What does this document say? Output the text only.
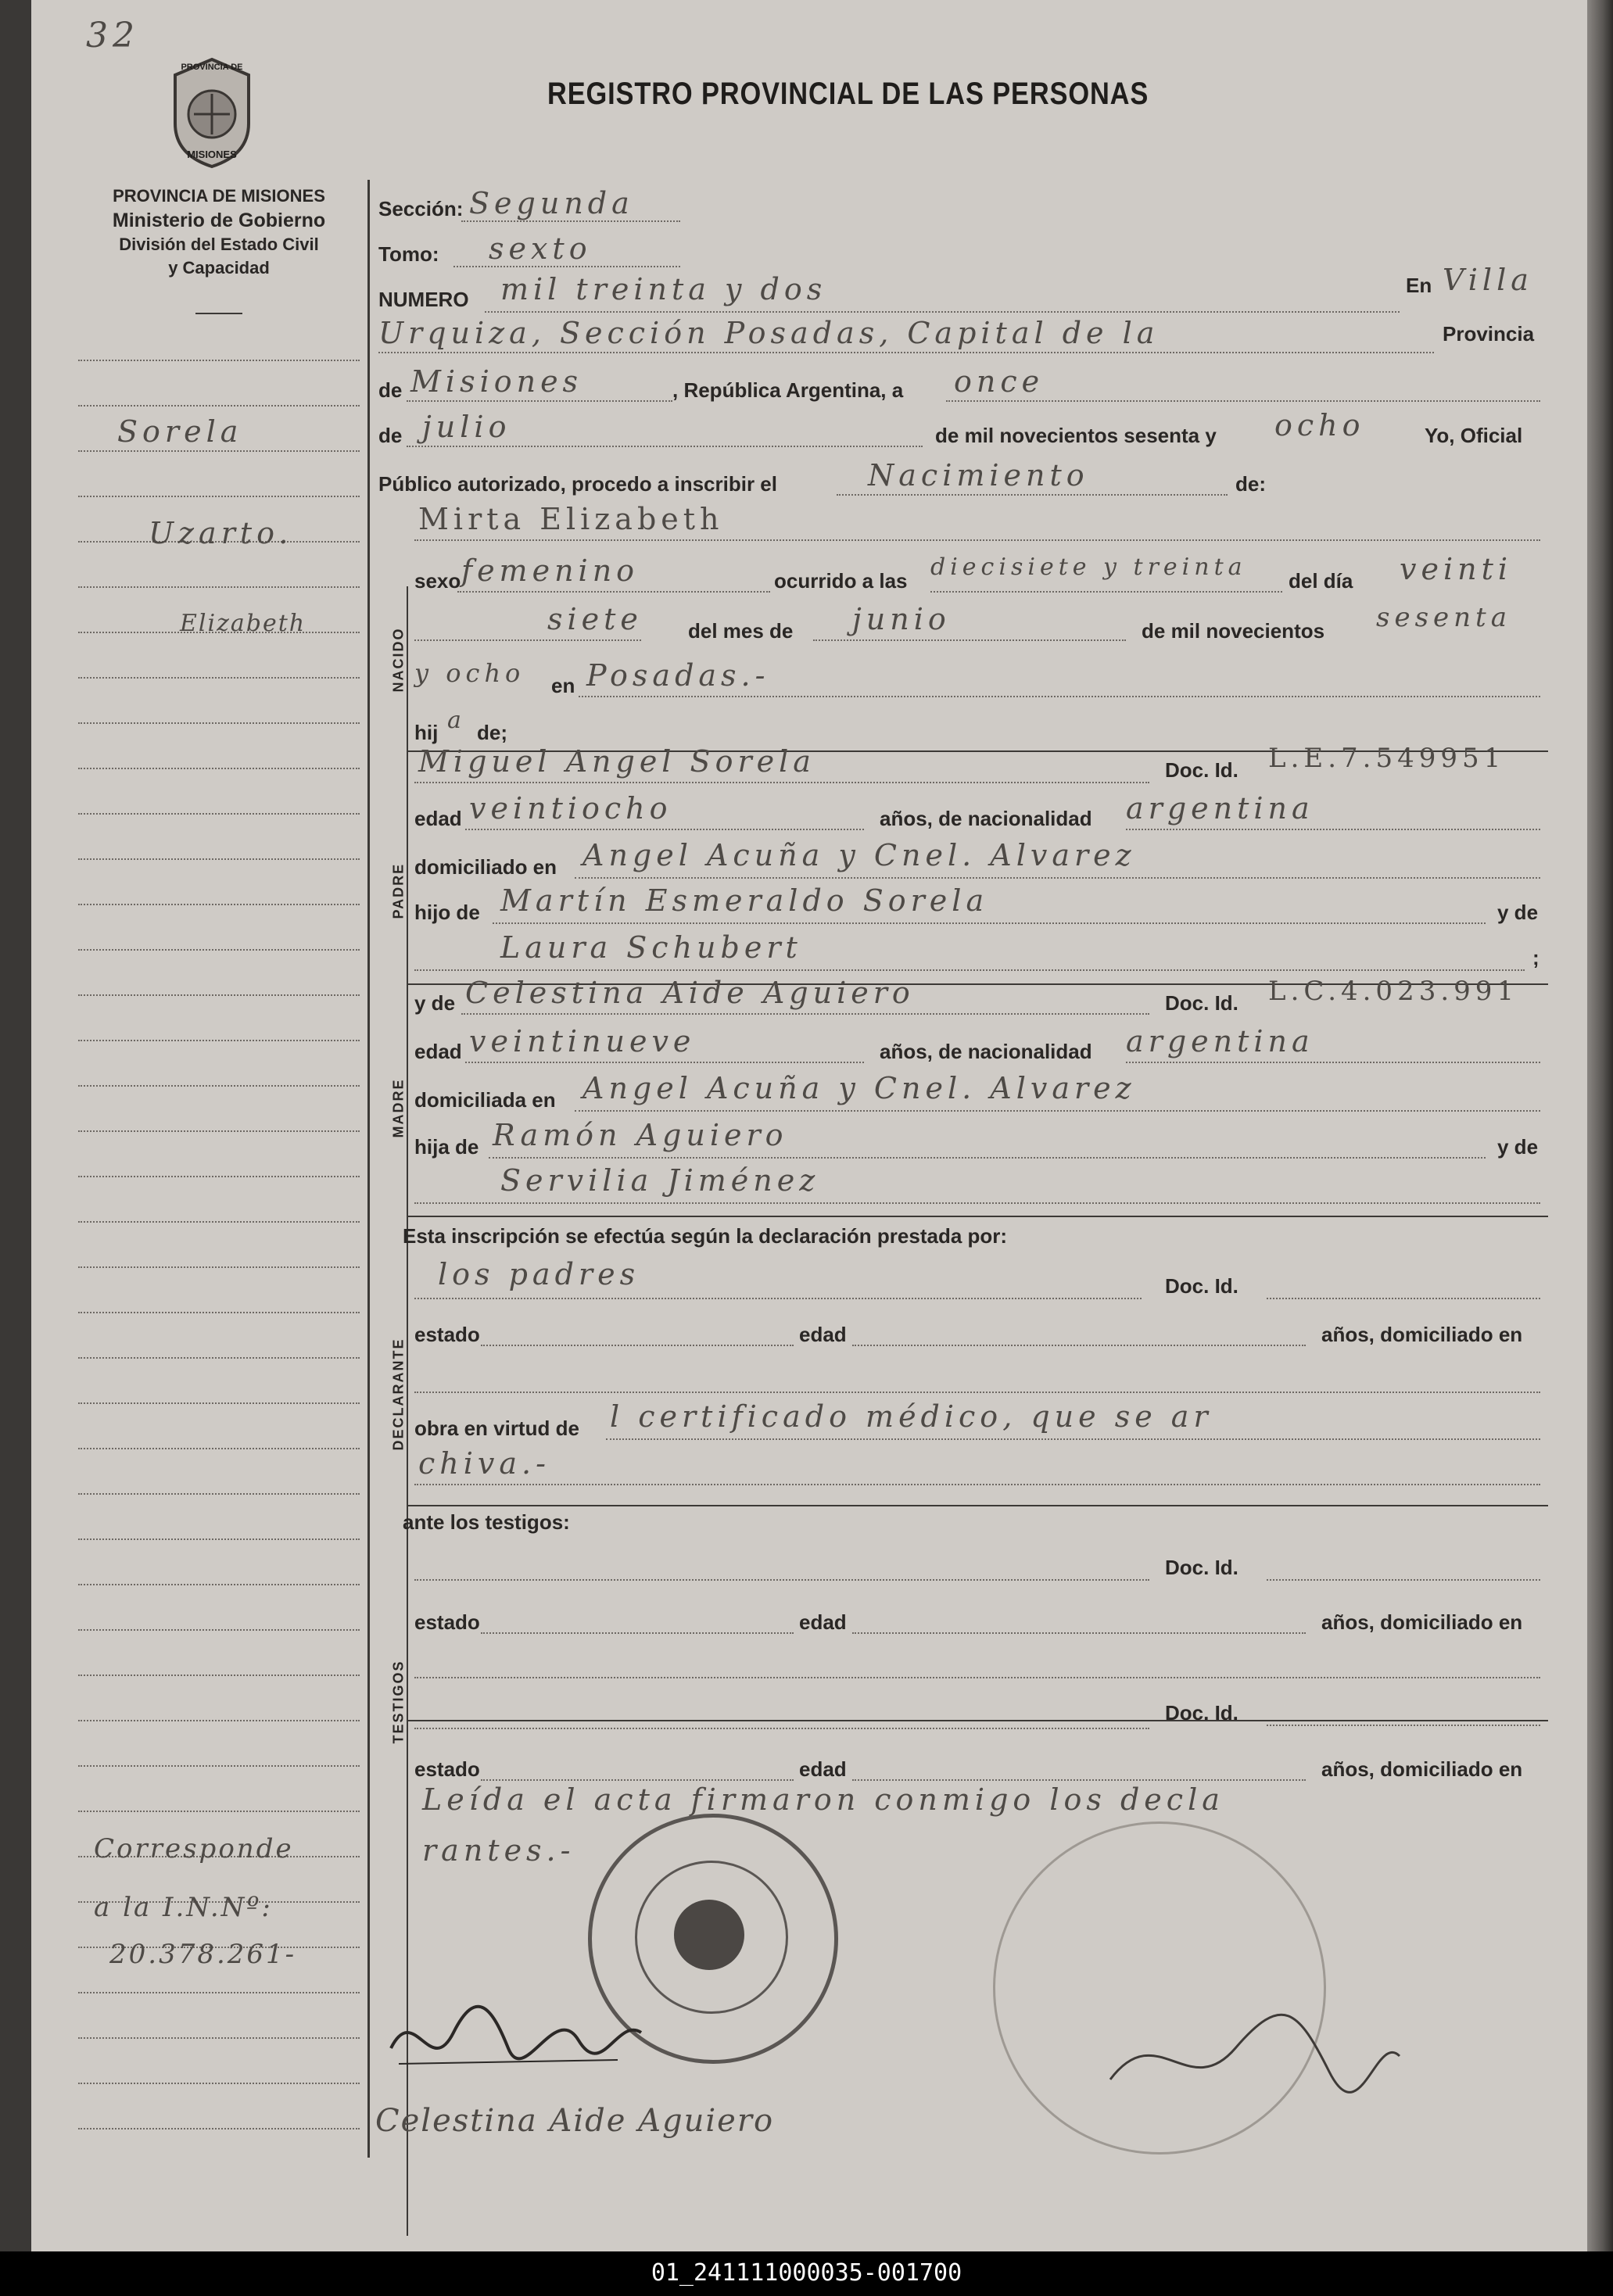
32
PROVINCIA DE
MISIONES
REGISTRO PROVINCIAL DE LAS PERSONAS
PROVINCIA DE MISIONES
Ministerio de Gobierno
División del Estado Civil
y Capacidad
Sorela
Uzarto.
Elizabeth
Corresponde
a la I.N.Nº:
20.378.261-
NACIDO
PADRE
MADRE
DECLARANTE
TESTIGOS
Sección: Segunda
Tomo: sexto
NUMERO mil treinta y dos	En Villa
Urquiza, Sección Posadas, Capital de la	Provincia
de Misiones	, República Argentina, a once
de julio	de mil novecientos sesenta y ocho	Yo, Oficial
Público autorizado, procedo a inscribir el	Nacimiento	de:
Mirta Elizabeth
sexo femenino	ocurrido a las diecisiete y treinta del día veinti
siete del mes de junio	de mil novecientos sesenta
y ocho en Posadas.-
hij a de;
Miguel Angel Sorela	Doc. Id. L.E.7.549951
edad veintiocho	años, de nacionalidad argentina
domiciliado en Angel Acuña y Cnel. Alvarez
hijo de Martín Esmeraldo Sorela	y de
Laura Schubert	;
y de Celestina Aide Aguiero	Doc. Id. L.C.4.023.991
edad veintinueve	años, de nacionalidad argentina
domiciliada en Angel Acuña y Cnel. Alvarez
hija de Ramón Aguiero	y de
Servilia Jiménez
Esta inscripción se efectúa según la declaración prestada por:
los padres	Doc. Id.
estado	edad	años, domiciliado en
obra en virtud de l certificado médico, que se ar
chiva.-
ante los testigos:
Doc. Id.
estado	edad	años, domiciliado en
Doc. Id.
estado	edad	años, domiciliado en
Leída el acta firmaron conmigo los decla
rantes.-
Celestina Aide Aguiero
01_241111000035-001700
